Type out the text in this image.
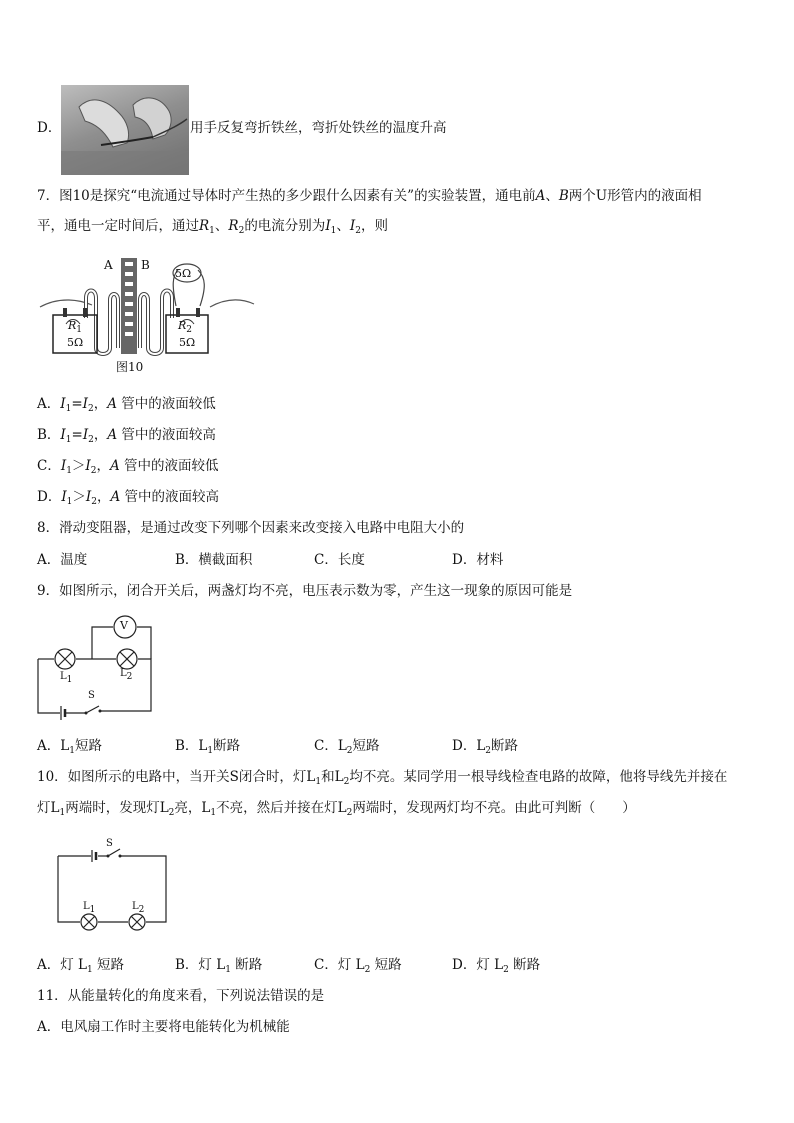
D．	用手反复弯折铁丝，弯折处铁丝的温度升高
7．图10是探究“电流通过导体时产生热的多少跟什么因素有关”的实验装置，通电前A、B两个U形管内的液面相
平，通电一定时间后，通过$R_1$、$R_2$的电流分别为$I_1$、$I_2$，则
A B
5Ω
$R_1$
5Ω
$R_2$
5Ω
图10
A．$I_1=I_2$，A 管中的液面较低
B．$I_1=I_2$，A 管中的液面较高
C．$I_1>I_2$，A 管中的液面较低
D．$I_1>I_2$，A 管中的液面较高
8．滑动变阻器，是通过改变下列哪个因素来改变接入电路中电阻大小的
A．温度	B．横截面积	C．长度	D．材料
9．如图所示，闭合开关后，两盏灯均不亮，电压表示数为零，产生这一现象的原因可能是
V
$L_1$
$L_2$
S
A．$L_1$短路	B．$L_1$断路	C．$L_2$短路	D．$L_2$断路
10．如图所示的电路中，当开关S闭合时，灯$L_1$和$L_2$均不亮。某同学用一根导线检查电路的故障，他将导线先并接在
灯$L_1$两端时，发现灯$L_2$亮，$L_1$不亮，然后并接在灯$L_2$两端时，发现两灯均不亮。由此可判断（　　）
S
$L_1$	$L_2$
A．灯 $L_1$ 短路	B．灯 $L_1$ 断路	C．灯 $L_2$ 短路	D．灯 $L_2$ 断路
11．从能量转化的角度来看，下列说法错误的是
A．电风扇工作时主要将电能转化为机械能
